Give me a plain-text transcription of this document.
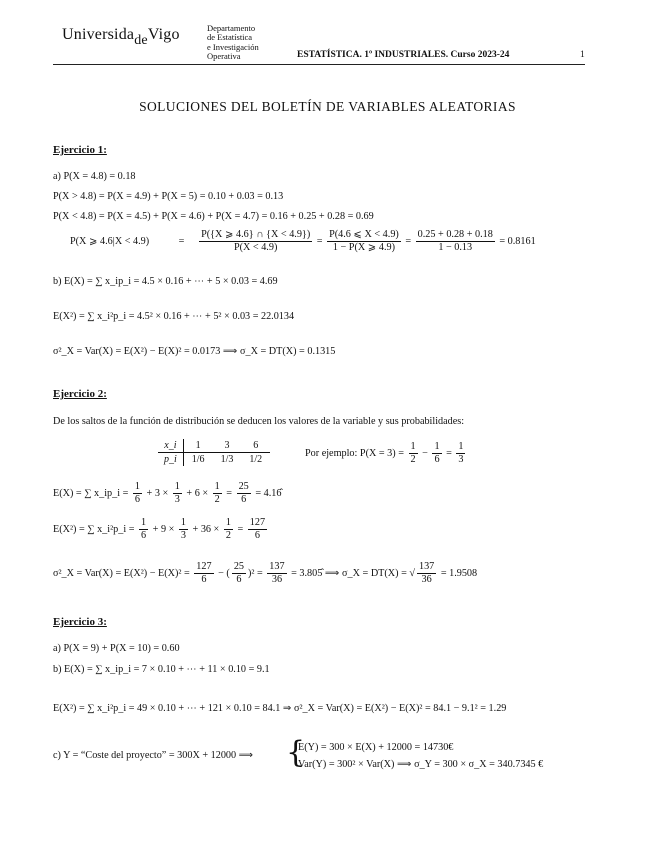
UniversidadeVigo	Departamento
de Estatística
e Investigación
Operativa	ESTATÍSTICA. 1º INDUSTRIALES. Curso 2023-24	1
SOLUCIONES DEL BOLETÍN DE VARIABLES ALEATORIAS
Ejercicio 1:
a) P(X = 4.8) = 0.18
P(X > 4.8) = P(X = 4.9) + P(X = 5) = 0.10 + 0.03 = 0.13
P(X < 4.8) = P(X = 4.5) + P(X = 4.6) + P(X = 4.7) = 0.16 + 0.25 + 0.28 = 0.69
P(X ⩾ 4.6|X < 4.9)	= $\frac{P(\{X ⩾ 4.6\} \cap \{X < 4.9\})}{P(X < 4.9)} = \frac{P(4.6 ⩽ X < 4.9)}{1 - P(X ⩾ 4.9)} = \frac{0.25 + 0.28 + 0.18}{1 - 0.13} = 0.8161$
b) E(X) = ∑ x_ip_i = 4.5 × 0.16 + ⋯ + 5 × 0.03 = 4.69
E(X²) = ∑ x_i²p_i = 4.5² × 0.16 + ⋯ + 5² × 0.03 = 22.0134
σ²_X = Var(X) = E(X²) − E(X)² = 0.0173 ⟹ σ_X = DT(X) = 0.1315
Ejercicio 2:
De los saltos de la función de distribución se deducen los valores de la variable y sus probabilidades:
x_i	1	3	6
p_i	1/6	1/3	1/2
Por ejemplo: $P(X = 3) = \frac{1}{2} - \frac{1}{6} = \frac{1}{3}$
E(X) = ∑ x_ip_i = $\frac{1}{6} + 3 \times \frac{1}{3} + 6 \times \frac{1}{2} = \frac{25}{6}$ = 4.16̂
E(X²) = ∑ x_i²p_i = $\frac{1}{6} + 9 \times \frac{1}{3} + 36 \times \frac{1}{2} = \frac{127}{6}$
σ²_X = $Var(X) = E(X^2) - E(X)^2 = \frac{127}{6}$ − ( $\frac{25}{6} )^2 = \frac{137}{36}$ = 3.805̂ ⟹ σ_X = DT(X) = √ $\frac{137}{36} = 1.9508$
Ejercicio 3:
a) P(X = 9) + P(X = 10) = 0.60
b) E(X) = ∑ x_ip_i = 7 × 0.10 + ⋯ + 11 × 0.10 = 9.1
E(X²) = ∑ x_i²p_i = 49 × 0.10 + ⋯ + 121 × 0.10 = 84.1 ⇒ σ²_X = Var(X) = E(X²) − E(X)² = 84.1 − 9.1² = 1.29
c) Y = “Coste del proyecto” = 300X + 12000 ⟹ {
E(Y) = 300 × E(X) + 12000 = 14730€
Var(Y) = 300² × Var(X) ⟹ σ_Y = 300 × σ_X = 340.7345 €
